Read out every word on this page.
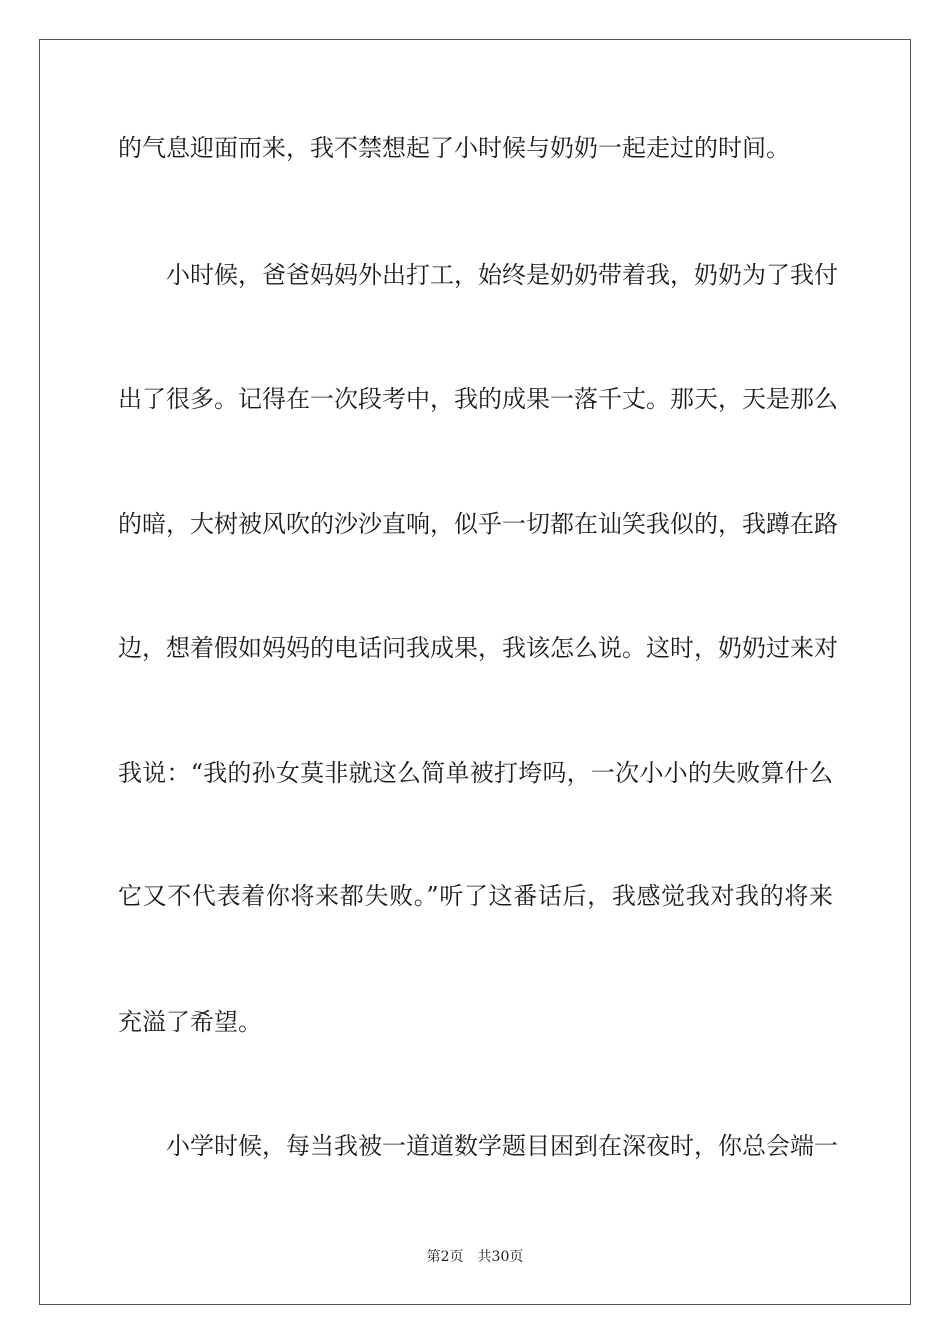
的气息迎面而来，我不禁想起了小时候与奶奶一起走过的时间。
　　小时候，爸爸妈妈外出打工，始终是奶奶带着我，奶奶为了我付
出了很多。记得在一次段考中，我的成果一落千丈。那天，天是那么
的暗，大树被风吹的沙沙直响，似乎一切都在讪笑我似的，我蹲在路
边，想着假如妈妈的电话问我成果，我该怎么说。这时，奶奶过来对
我说：“我的孙女莫非就这么简单被打垮吗，一次小小的失败算什么
它又不代表着你将来都失败。”听了这番话后，我感觉我对我的将来
充溢了希望。
　　小学时候，每当我被一道道数学题目困到在深夜时，你总会端一
第2页 共30页
